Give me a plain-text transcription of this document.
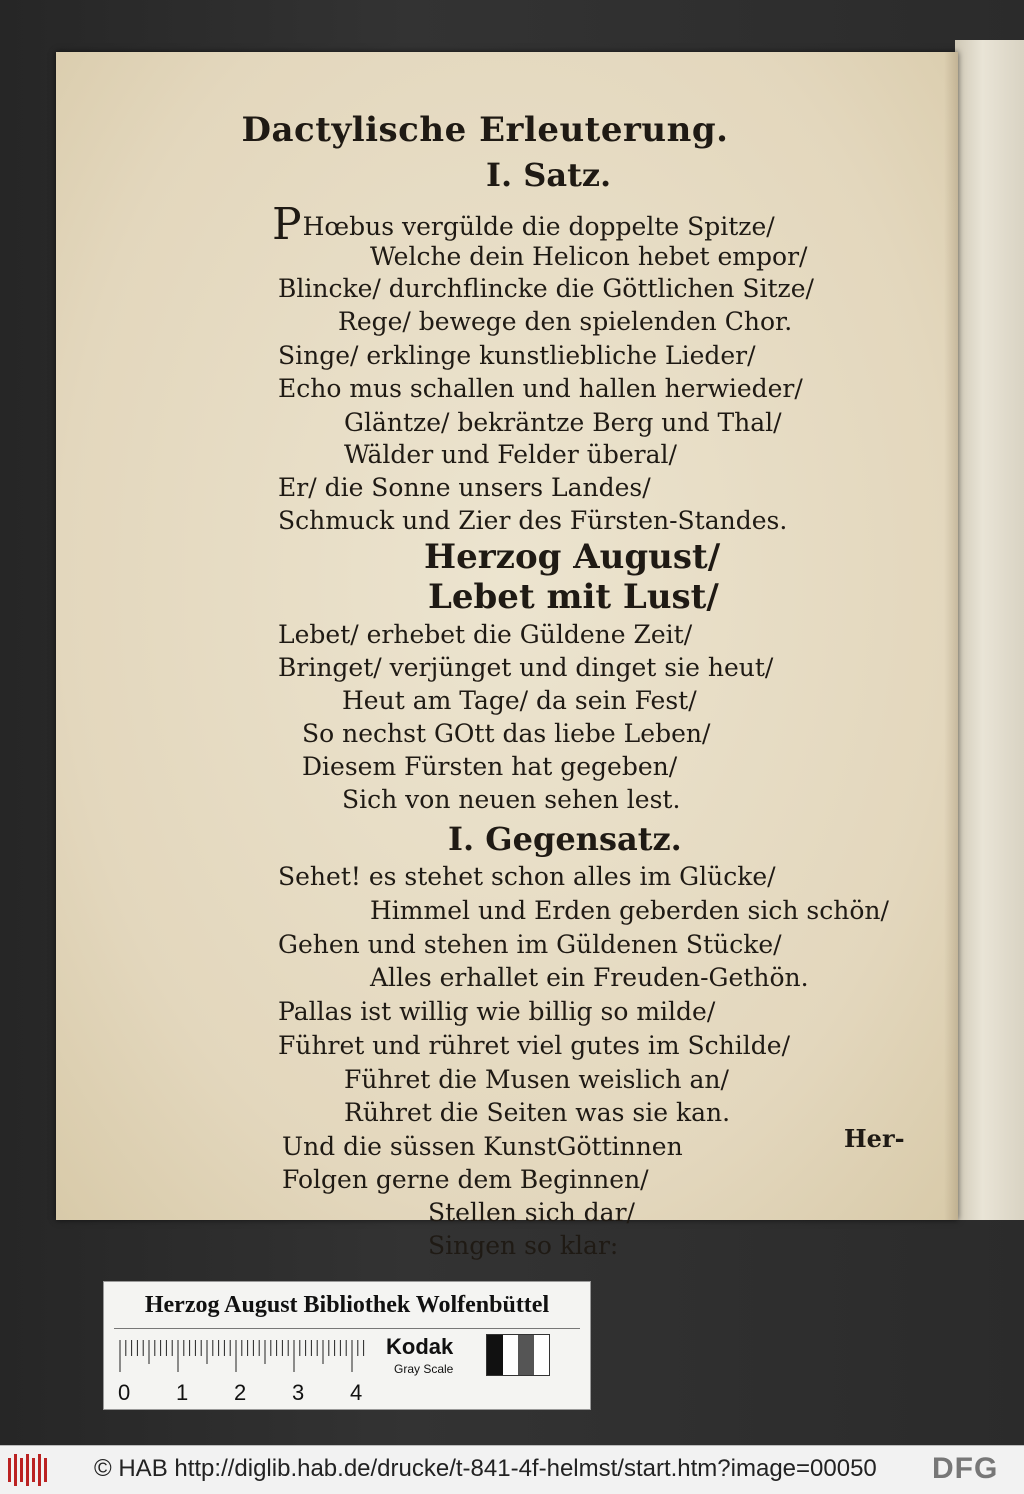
Dactylische Erleuterung.
I. Satz.
PHœbus vergülde die doppelte Spitze/
Welche dein Helicon hebet empor/
Blincke/ durchflincke die Göttlichen Sitze/
Rege/ bewege den spielenden Chor.
Singe/ erklinge kunstliebliche Lieder/
Echo mus schallen und hallen herwieder/
Gläntze/ bekräntze Berg und Thal/
Wälder und Felder überal/
Er/ die Sonne unsers Landes/
Schmuck und Zier des Fürsten-Standes.
Herzog August/
Lebet mit Lust/
Lebet/ erhebet die Güldene Zeit/
Bringet/ verjünget und dinget sie heut/
Heut am Tage/ da sein Fest/
So nechst GOtt das liebe Leben/
Diesem Fürsten hat gegeben/
Sich von neuen sehen lest.
I. Gegensatz.
Sehet! es stehet schon alles im Glücke/
Himmel und Erden geberden sich schön/
Gehen und stehen im Güldenen Stücke/
Alles erhallet ein Freuden-Gethön.
Pallas ist willig wie billig so milde/
Führet und rühret viel gutes im Schilde/
Führet die Musen weislich an/
Rühret die Seiten was sie kan.
Und die süssen KunstGöttinnen
Folgen gerne dem Beginnen/
Her-
Stellen sich dar/
Singen so klar:
Herzog August Bibliothek Wolfenbüttel
0 1 2 3 4
Kodak
Gray Scale
© HAB http://diglib.hab.de/drucke/t-841-4f-helmst/start.htm?image=00050 DFG
